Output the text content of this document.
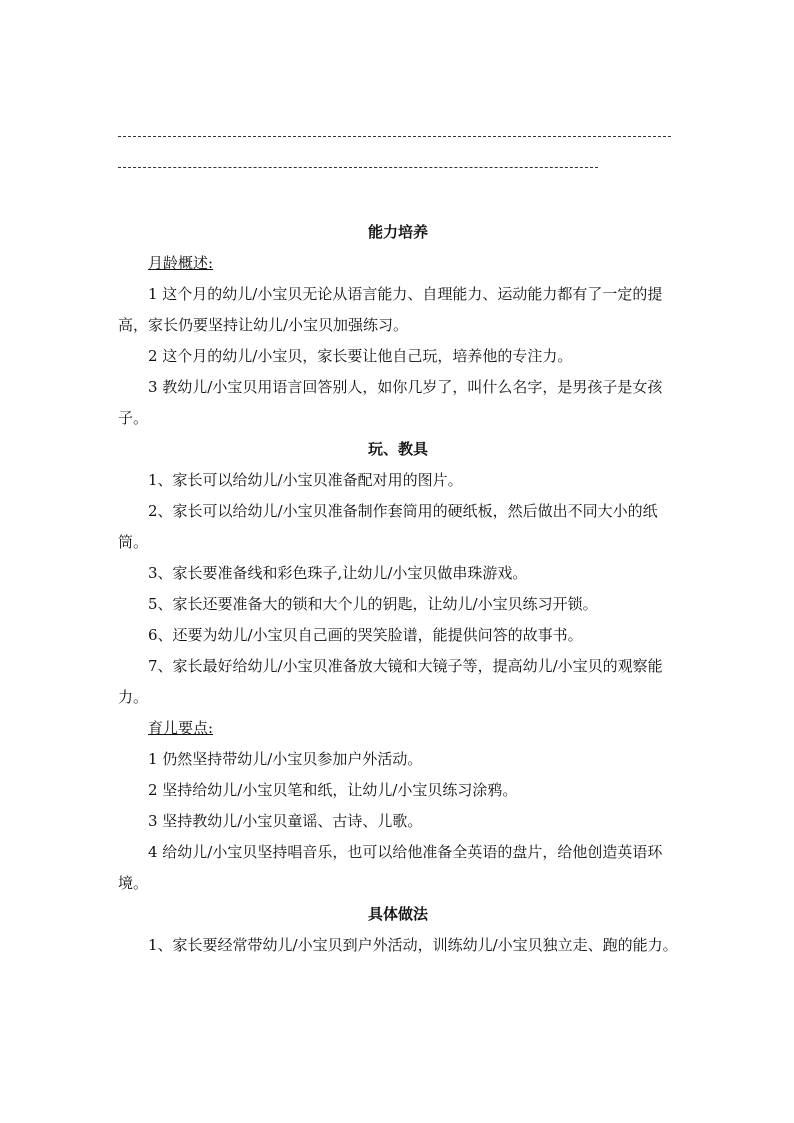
能力培养

月龄概述:

1 这个月的幼儿/小宝贝无论从语言能力、自理能力、运动能力都有了一定的提高，家长仍要坚持让幼儿/小宝贝加强练习。

2 这个月的幼儿/小宝贝，家长要让他自己玩，培养他的专注力。

3 教幼儿/小宝贝用语言回答别人，如你几岁了，叫什么名字，是男孩子是女孩子。

玩、教具

1、家长可以给幼儿/小宝贝准备配对用的图片。

2、家长可以给幼儿/小宝贝准备制作套筒用的硬纸板，然后做出不同大小的纸筒。

3、家长要准备线和彩色珠子,让幼儿/小宝贝做串珠游戏。

5、家长还要准备大的锁和大个儿的钥匙，让幼儿/小宝贝练习开锁。

6、还要为幼儿/小宝贝自己画的哭笑脸谱，能提供问答的故事书。

7、家长最好给幼儿/小宝贝准备放大镜和大镜子等，提高幼儿/小宝贝的观察能力。

育儿要点:

1 仍然坚持带幼儿/小宝贝参加户外活动。

2 坚持给幼儿/小宝贝笔和纸，让幼儿/小宝贝练习涂鸦。

3 坚持教幼儿/小宝贝童谣、古诗、儿歌。

4 给幼儿/小宝贝坚持唱音乐，也可以给他准备全英语的盘片，给他创造英语环境。

具体做法

1、家长要经常带幼儿/小宝贝到户外活动，训练幼儿/小宝贝独立走、跑的能力。
